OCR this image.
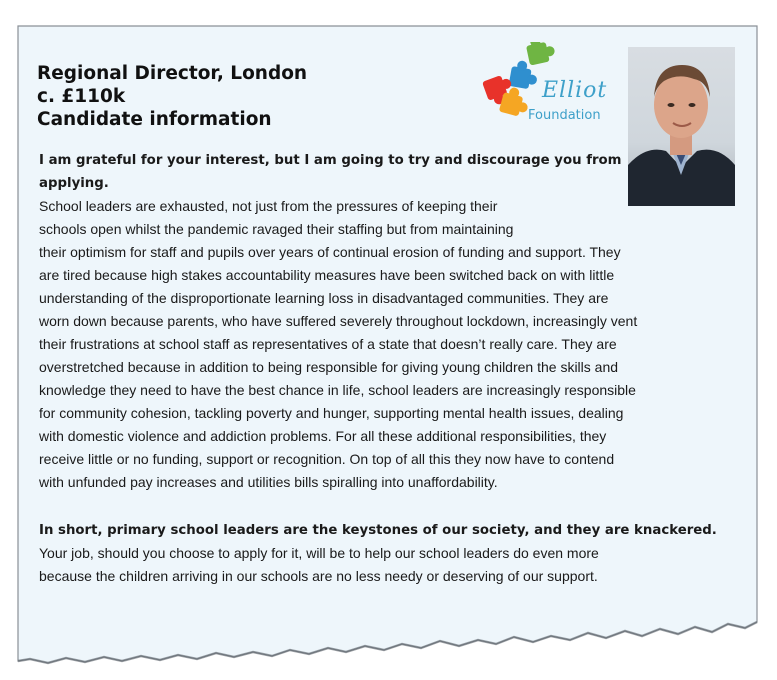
Regional Director, London
c. £110k
Candidate information
Elliot
Foundation
I am grateful for your interest, but I am going to try and discourage you from
applying.
School leaders are exhausted, not just from the pressures of keeping their
schools open whilst the pandemic ravaged their staffing but from maintaining
their optimism for staff and pupils over years of continual erosion of funding and support. They
are tired because high stakes accountability measures have been switched back on with little
understanding of the disproportionate learning loss in disadvantaged communities. They are
worn down because parents, who have suffered severely throughout lockdown, increasingly vent
their frustrations at school staff as representatives of a state that doesn’t really care. They are
overstretched because in addition to being responsible for giving young children the skills and
knowledge they need to have the best chance in life, school leaders are increasingly responsible
for community cohesion, tackling poverty and hunger, supporting mental health issues, dealing
with domestic violence and addiction problems. For all these additional responsibilities, they
receive little or no funding, support or recognition. On top of all this they now have to contend
with unfunded pay increases and utilities bills spiralling into unaffordability.
In short, primary school leaders are the keystones of our society, and they are knackered.
Your job, should you choose to apply for it, will be to help our school leaders do even more
because the children arriving in our schools are no less needy or deserving of our support.
